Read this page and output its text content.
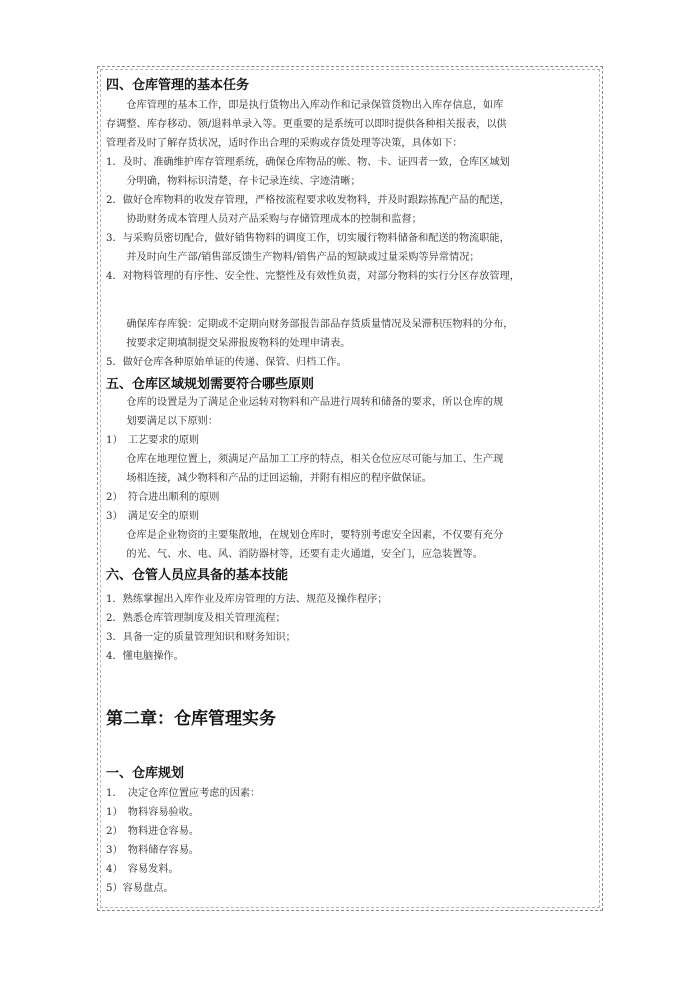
四、仓库管理的基本任务
　　仓库管理的基本工作，即是执行货物出入库动作和记录保管货物出入库存信息，如库
存调整、库存移动、领/退料单录入等。更重要的是系统可以即时提供各种相关报表，以供
管理者及时了解存货状况，适时作出合理的采购或存货处理等决策，具体如下：
1．及时、准确维护库存管理系统，确保仓库物品的帐、物、卡、证四者一致，仓库区域划
　　分明确，物料标识清楚，存卡记录连续、字迹清晰；
2．做好仓库物料的收发存管理，严格按流程要求收发物料，并及时跟踪拣配产品的配送，
　　协助财务成本管理人员对产品采购与存储管理成本的控制和监督；
3．与采购员密切配合，做好销售物料的调度工作，切实履行物料储备和配送的物流职能，
　　并及时向生产部/销售部反馈生产物料/销售产品的短缺或过量采购等异常情况；
4．对物料管理的有序性、安全性、完整性及有效性负责，对部分物料的实行分区存放管理，
　　确保库存库貌：定期或不定期向财务部报告部品存货质量情况及呆滞积压物料的分布，
　　按要求定期填制提交呆滞报废物料的处理申请表。
5．做好仓库各种原始单证的传递、保管、归档工作。
五、仓库区域规划需要符合哪些原则
　　仓库的设置是为了满足企业运转对物料和产品进行周转和储备的要求，所以仓库的规
　　划要满足以下原则：
1）　工艺要求的原则
　　仓库在地理位置上，须满足产品加工工序的特点，相关仓位应尽可能与加工、生产现
　　场相连接，减少物料和产品的迂回运输，并附有相应的程序做保证。
2）　符合进出顺利的原则
3）　满足安全的原则
　　仓库是企业物资的主要集散地，在规划仓库时，要特别考虑安全因素，不仅要有充分
　　的光、气、水、电、风、消防器材等，还要有走火通道，安全门，应急装置等。
六、仓管人员应具备的基本技能
1．熟练掌握出入库作业及库房管理的方法、规范及操作程序；
2．熟悉仓库管理制度及相关管理流程；
3．具备一定的质量管理知识和财务知识；
4．懂电脑操作。
第二章：仓库管理实务
一、仓库规划
1．　决定仓库位置应考虑的因素：
1）　物料容易验收。
2）　物料进仓容易。
3）　物料储存容易。
4）　容易发料。
5）容易盘点。
